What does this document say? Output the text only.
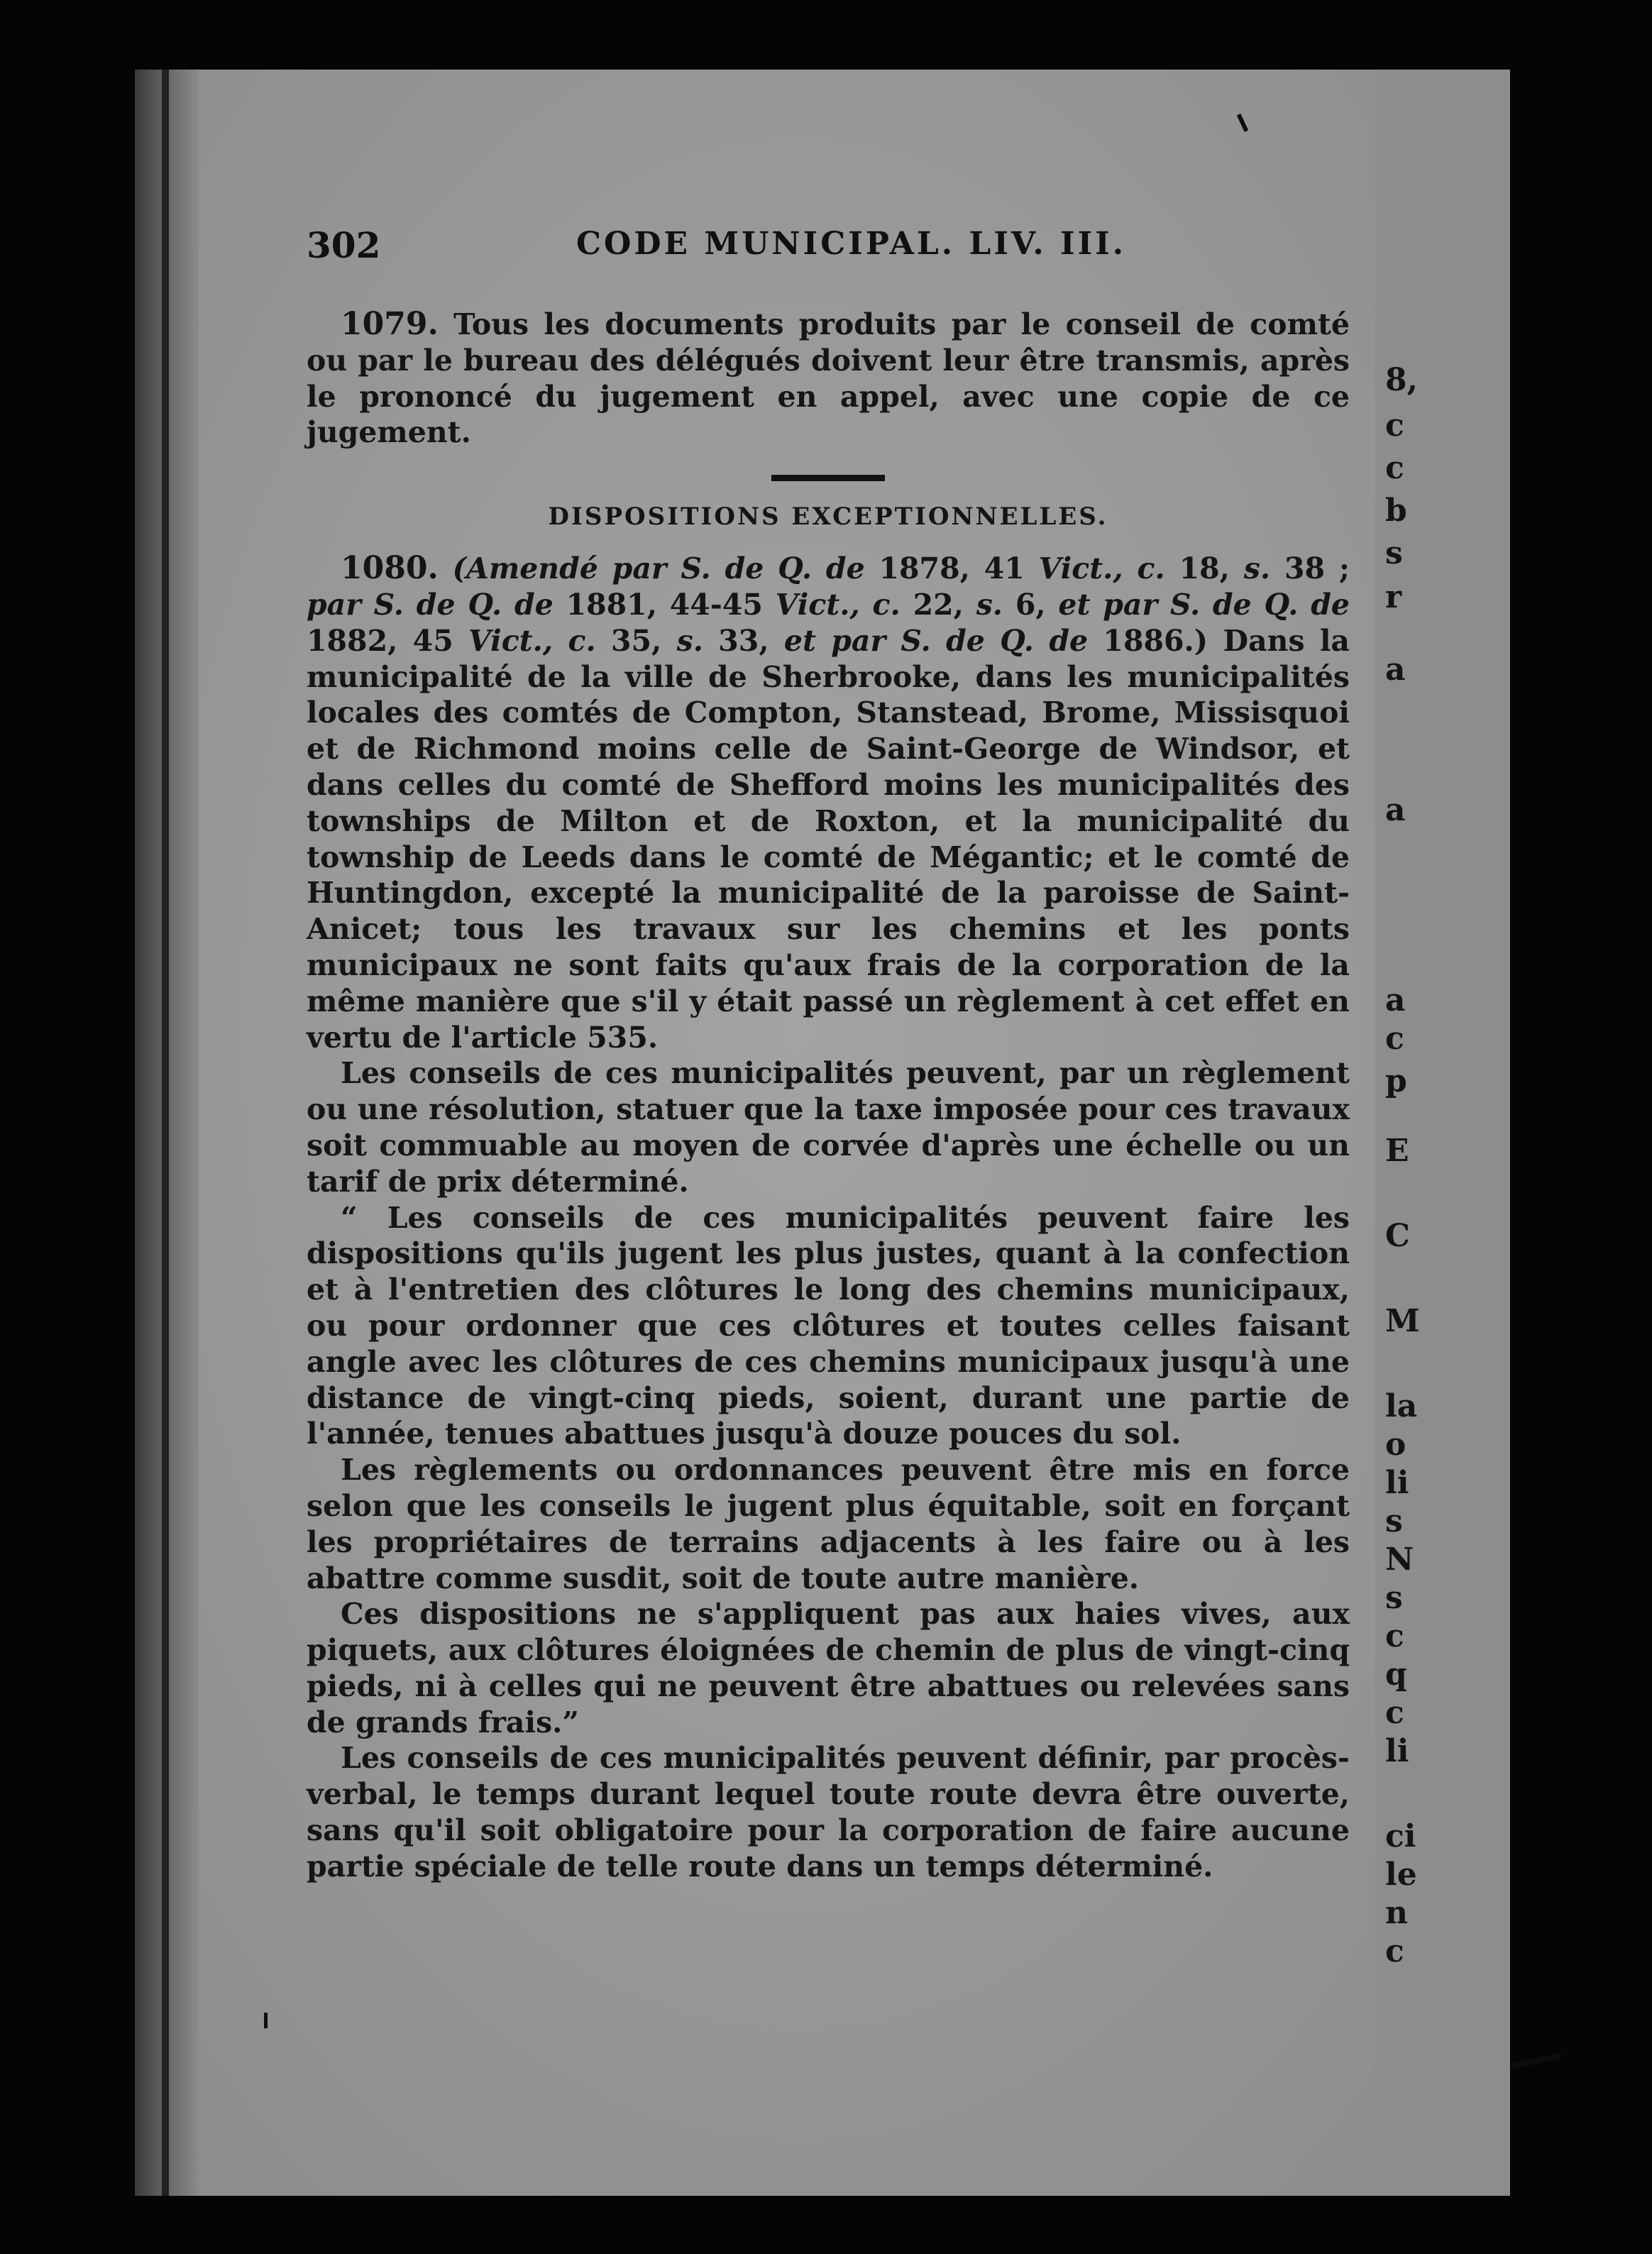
8,
c
c
b
s
r
a
a
a
c
p
E
C
M
la
o
li
s
N
s
c
q
c
li
ci
le
n
c
302	CODE MUNICIPAL. LIV. III.

1079. Tous les documents produits par le conseil de comté ou par le bureau des délégués doivent leur être transmis, après le prononcé du jugement en appel, avec une copie de ce jugement.

DISPOSITIONS EXCEPTIONNELLES.

1080. (Amendé par S. de Q. de 1878, 41 Vict., c. 18, s. 38 ; par S. de Q. de 1881, 44-45 Vict., c. 22, s. 6, et par S. de Q. de 1882, 45 Vict., c. 35, s. 33, et par S. de Q. de 1886.) Dans la municipalité de la ville de Sherbrooke, dans les municipalités locales des comtés de Compton, Stanstead, Brome, Missisquoi et de Richmond moins celle de Saint-George de Windsor, et dans celles du comté de Shefford moins les municipalités des townships de Milton et de Roxton, et la municipalité du township de Leeds dans le comté de Mégantic; et le comté de Huntingdon, excepté la municipalité de la paroisse de Saint-Anicet; tous les travaux sur les chemins et les ponts municipaux ne sont faits qu'aux frais de la corporation de la même manière que s'il y était passé un règlement à cet effet en vertu de l'article 535.

Les conseils de ces municipalités peuvent, par un règlement ou une résolution, statuer que la taxe imposée pour ces travaux soit commuable au moyen de corvée d'après une échelle ou un tarif de prix déterminé.

“ Les conseils de ces municipalités peuvent faire les dispositions qu'ils jugent les plus justes, quant à la confection et à l'entretien des clôtures le long des chemins municipaux, ou pour ordonner que ces clôtures et toutes celles faisant angle avec les clôtures de ces chemins municipaux jusqu'à une distance de vingt-cinq pieds, soient, durant une partie de l'année, tenues abattues jusqu'à douze pouces du sol.

Les règlements ou ordonnances peuvent être mis en force selon que les conseils le jugent plus équitable, soit en forçant les propriétaires de terrains adjacents à les faire ou à les abattre comme susdit, soit de toute autre manière.

Ces dispositions ne s'appliquent pas aux haies vives, aux piquets, aux clôtures éloignées de chemin de plus de vingt-cinq pieds, ni à celles qui ne peuvent être abattues ou relevées sans de grands frais.”

Les conseils de ces municipalités peuvent définir, par procès-verbal, le temps durant lequel toute route devra être ouverte, sans qu'il soit obligatoire pour la corporation de faire aucune partie spéciale de telle route dans un temps déterminé.
